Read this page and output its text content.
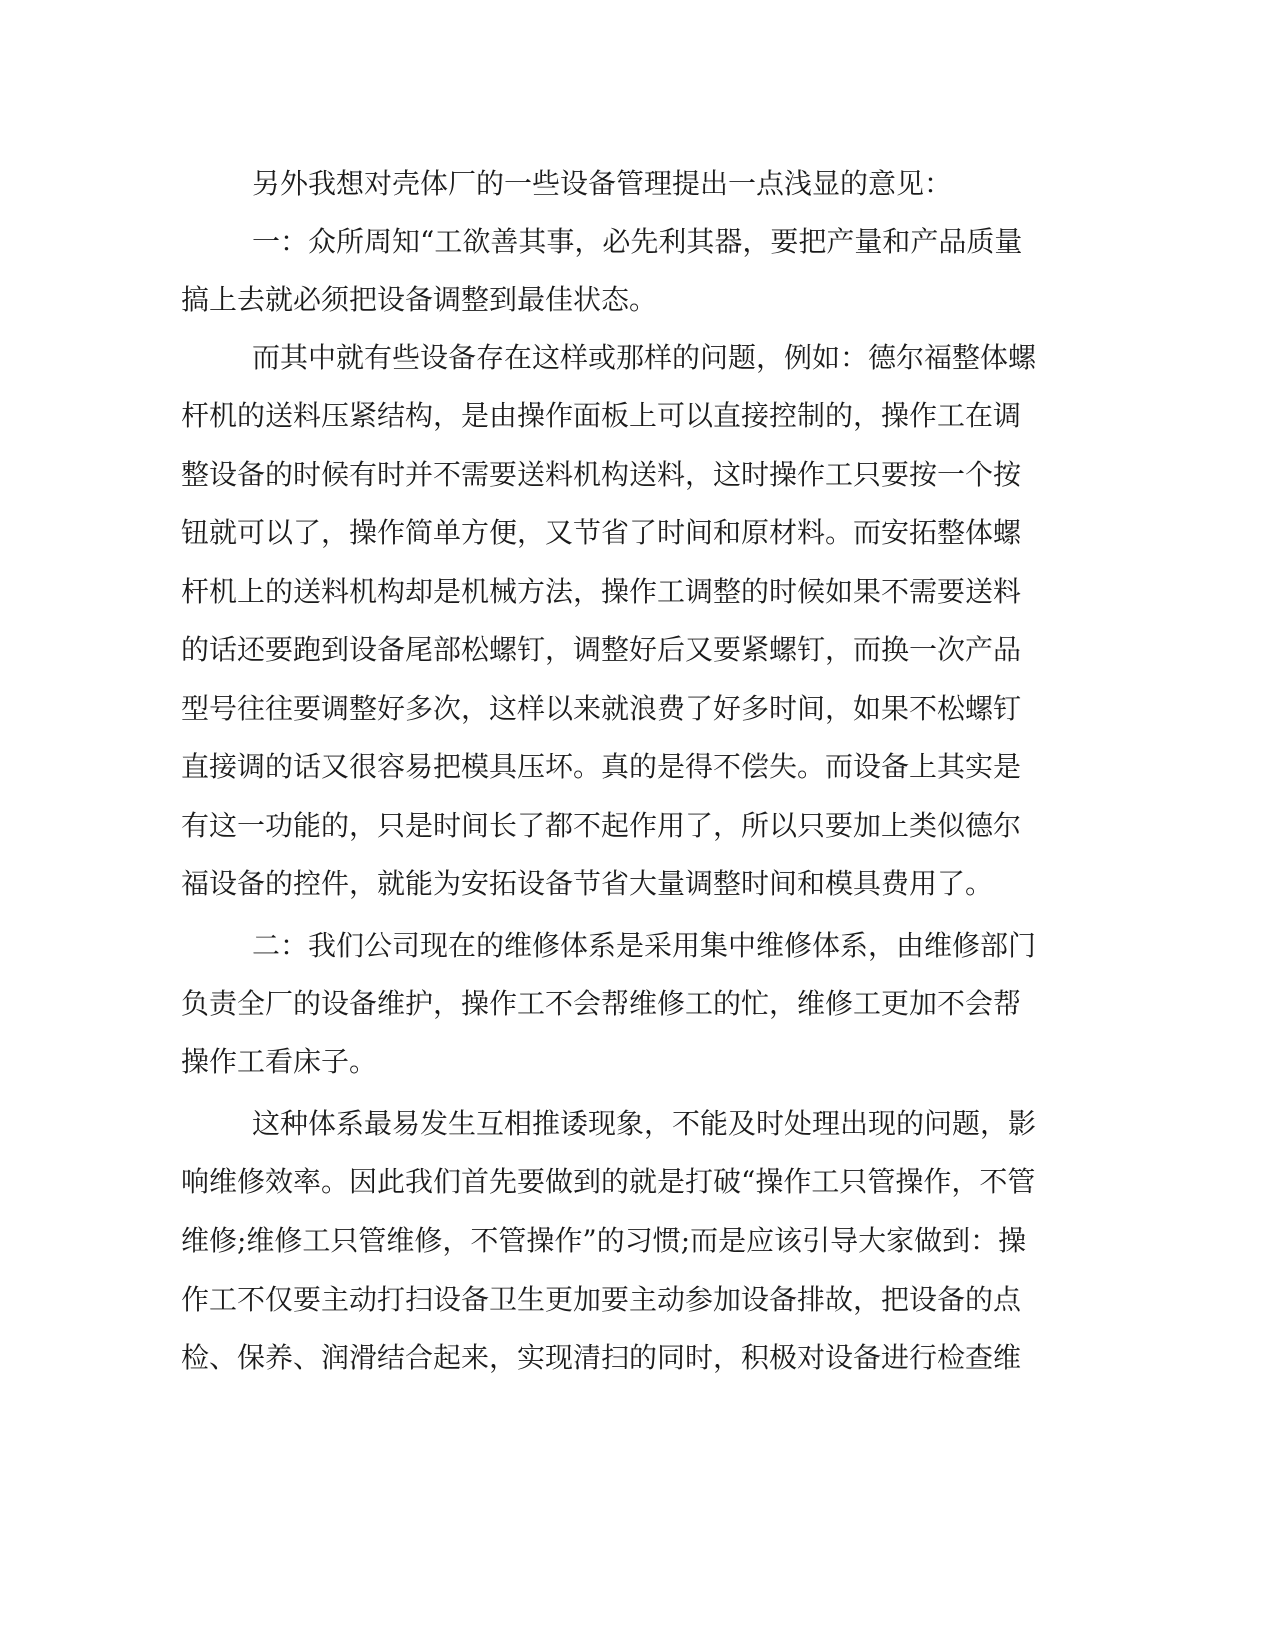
另外我想对壳体厂的一些设备管理提出一点浅显的意见：
一：众所周知“工欲善其事，必先利其器，要把产量和产品质量
搞上去就必须把设备调整到最佳状态。
而其中就有些设备存在这样或那样的问题，例如：德尔福整体螺
杆机的送料压紧结构，是由操作面板上可以直接控制的，操作工在调
整设备的时候有时并不需要送料机构送料，这时操作工只要按一个按
钮就可以了，操作简单方便，又节省了时间和原材料。而安拓整体螺
杆机上的送料机构却是机械方法，操作工调整的时候如果不需要送料
的话还要跑到设备尾部松螺钉，调整好后又要紧螺钉，而换一次产品
型号往往要调整好多次，这样以来就浪费了好多时间，如果不松螺钉
直接调的话又很容易把模具压坏。真的是得不偿失。而设备上其实是
有这一功能的，只是时间长了都不起作用了，所以只要加上类似德尔
福设备的控件，就能为安拓设备节省大量调整时间和模具费用了。
二：我们公司现在的维修体系是采用集中维修体系，由维修部门
负责全厂的设备维护，操作工不会帮维修工的忙，维修工更加不会帮
操作工看床子。
这种体系最易发生互相推诿现象，不能及时处理出现的问题，影
响维修效率。因此我们首先要做到的就是打破“操作工只管操作，不管
维修;维修工只管维修，不管操作”的习惯;而是应该引导大家做到：操
作工不仅要主动打扫设备卫生更加要主动参加设备排故，把设备的点
检、保养、润滑结合起来，实现清扫的同时，积极对设备进行检查维
